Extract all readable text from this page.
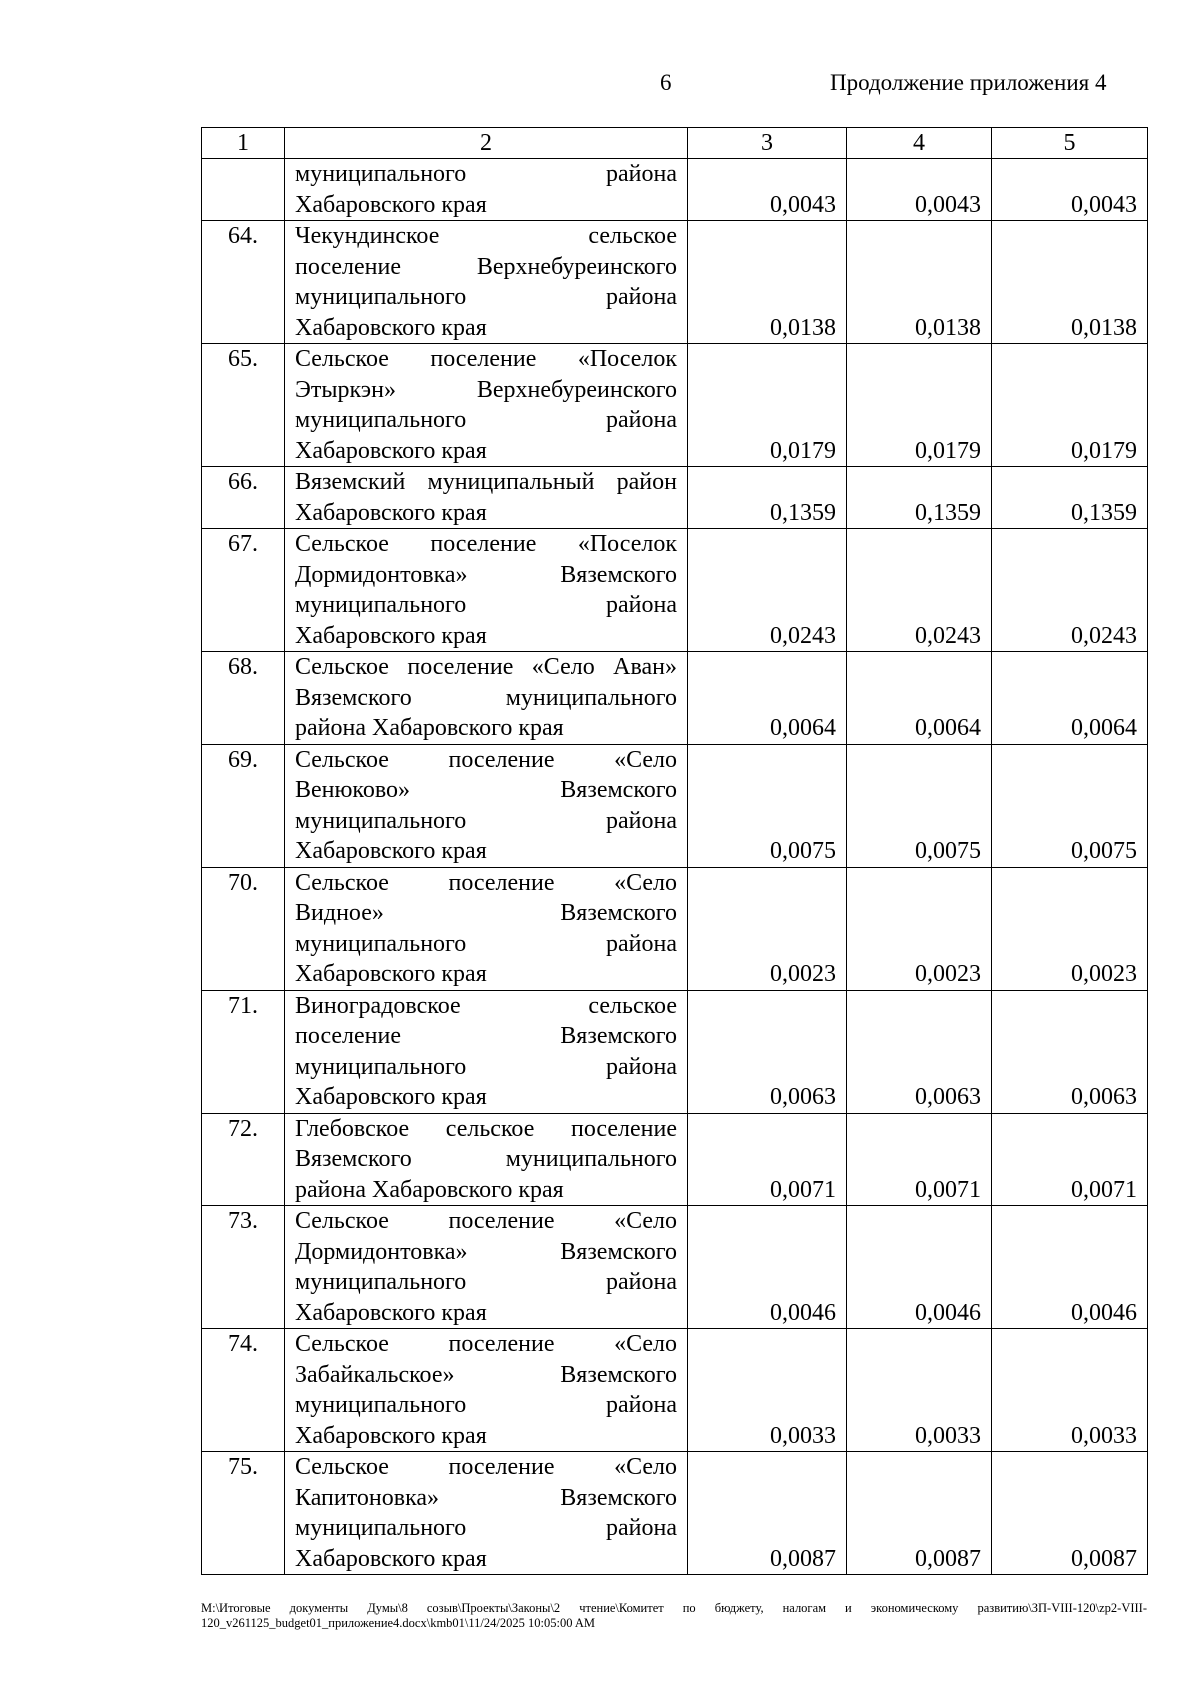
6	Продолжение приложения 4
1	2	3	4	5

	муниципального района
Хабаровского края	0,0043	0,0043	0,0043
64.	Чекундинское сельское
поселение Верхнебуреинского
муниципального района
Хабаровского края	0,0138	0,0138	0,0138
65.	Сельское поселение «Поселок
Этыркэн» Верхнебуреинского
муниципального района
Хабаровского края	0,0179	0,0179	0,0179
66.	Вяземский муниципальный район
Хабаровского края	0,1359	0,1359	0,1359
67.	Сельское поселение «Поселок
Дормидонтовка» Вяземского
муниципального района
Хабаровского края	0,0243	0,0243	0,0243
68.	Сельское поселение «Село Аван»
Вяземского муниципального
района Хабаровского края	0,0064	0,0064	0,0064
69.	Сельское поселение «Село
Венюково» Вяземского
муниципального района
Хабаровского края	0,0075	0,0075	0,0075
70.	Сельское поселение «Село
Видное» Вяземского
муниципального района
Хабаровского края	0,0023	0,0023	0,0023
71.	Виноградовское сельское
поселение Вяземского
муниципального района
Хабаровского края	0,0063	0,0063	0,0063
72.	Глебовское сельское поселение
Вяземского муниципального
района Хабаровского края	0,0071	0,0071	0,0071
73.	Сельское поселение «Село
Дормидонтовка» Вяземского
муниципального района
Хабаровского края	0,0046	0,0046	0,0046
74.	Сельское поселение «Село
Забайкальское» Вяземского
муниципального района
Хабаровского края	0,0033	0,0033	0,0033
75.	Сельское поселение «Село
Капитоновка» Вяземского
муниципального района
Хабаровского края	0,0087	0,0087	0,0087
M:\Итоговые документы Думы\8 созыв\Проекты\Законы\2 чтение\Комитет по бюджету, налогам и экономическому развитию\ЗП-VIII-120\zp2-VIII-120_v261125_budget01_приложение4.docx\kmb01\11/24/2025 10:05:00 AM
